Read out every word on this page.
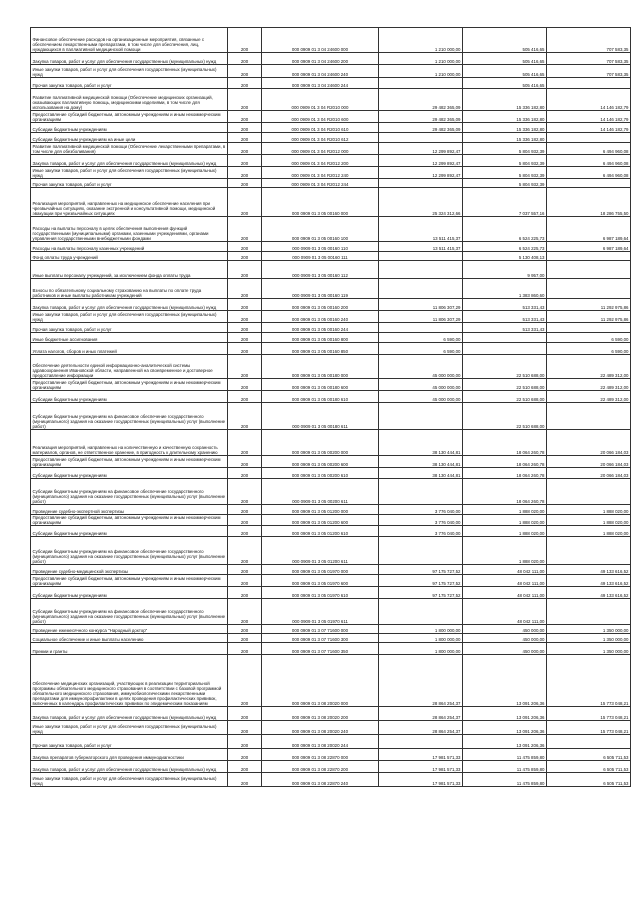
Финансовое обеспечение расходов на организационные мероприятия, связанные с обеспечением лекарственными препаратами, в том числе для обеспечения, лиц, нуждающихся в паллиативной медицинской помощи	200	000 0909 01 3 04 24600 000	1 210 000,00	505 416,65	707 583,35
Закупка товаров, работ и услуг для обеспечения государственных (муниципальных) нужд	200	000 0909 01 3 04 24600 200	1 210 000,00	505 416,65	707 583,35
Иные закупки товаров, работ и услуг для обеспечения государственных (муниципальных) нужд	200	000 0909 01 3 04 24600 240	1 210 000,00	505 416,65	707 583,35
Прочая закупка товаров, работ и услуг	200	000 0909 01 3 04 24600 244		505 416,65	
Развитие паллиативной медицинской помощи (Обеспечение медицинских организаций, оказывающих паллиативную помощь, медицинскими изделиями, в том числе для использования на дому)	200	000 0909 01 3 04 R2010 000	29 482 365,09	15 336 182,80	14 146 182,79
Предоставление субсидий бюджетным, автономным учреждениям и иным некоммерческим организациям	200	000 0909 01 3 04 R2010 600	29 482 365,09	15 336 182,80	14 146 182,79
Субсидии бюджетным учреждениям	200	000 0909 01 3 04 R2010 610	29 482 365,09	15 336 182,80	14 146 182,79
Субсидии бюджетным учреждениям на иные цели	200	000 0909 01 3 04 R2010 612		15 336 182,80	
Развитие паллиативной медицинской помощи (Обеспечение лекарственными препаратами, в том числе для обезболивания)	200	000 0909 01 3 04 R2012 000	12 299 892,47	5 804 932,39	6 494 960,08
Закупка товаров, работ и услуг для обеспечения государственных (муниципальных) нужд	200	000 0909 01 3 04 R2012 200	12 299 892,47	5 804 932,39	6 494 960,08
Иные закупки товаров, работ и услуг для обеспечения государственных (муниципальных) нужд	200	000 0909 01 3 04 R2012 240	12 299 892,47	5 804 932,39	6 494 960,08
Прочая закупка товаров, работ и услуг	200	000 0909 01 3 04 R2012 244		5 804 932,39	
Реализация мероприятий, направленных на медицинское обеспечение населения при чрезвычайных ситуациях, оказание экстренной и консультативной помощи, медицинской эвакуации при чрезвычайных ситуациях	200	000 0909 01 3 05 00160 000	25 324 312,66	7 037 557,16	18 286 755,50
Расходы на выплаты персоналу в целях обеспечения выполнения функций государственными (муниципальными) органами, казенными учреждениями, органами управления государственными внебюджетными фондами	200	000 0909 01 3 05 00160 100	13 511 415,37	6 524 225,73	6 987 189,64
Расходы на выплаты персоналу казенных учреждений	200	000 0909 01 3 05 00160 110	13 511 415,37	6 524 225,73	6 987 189,64
Фонд оплаты труда учреждений	200	000 0909 01 3 05 00160 111		5 130 408,13	
Иные выплаты персоналу учреждений, за исключением фонда оплаты труда	200	000 0909 01 3 05 00160 112		9 957,00	
Взносы по обязательному социальному страхованию на выплаты по оплате труда работников и иные выплаты работникам учреждений	200	000 0909 01 3 05 00160 119		1 383 860,60	
Закупка товаров, работ и услуг для обеспечения государственных (муниципальных) нужд	200	000 0909 01 3 05 00160 200	11 806 307,29	513 331,43	11 292 975,86
Иные закупки товаров, работ и услуг для обеспечения государственных (муниципальных) нужд	200	000 0909 01 3 05 00160 240	11 806 307,29	513 331,43	11 292 975,86
Прочая закупка товаров, работ и услуг	200	000 0909 01 3 05 00160 244		513 331,43	
Иные бюджетные ассигнования	200	000 0909 01 3 05 00160 800	6 590,00		6 590,00
Уплата налогов, сборов и иных платежей	200	000 0909 01 3 05 00160 850	6 590,00		6 590,00
Обеспечение деятельности единой информационно-аналитической системы здравоохранения Ивановской области, направленной на своевременное и достоверное предоставление информации	200	000 0909 01 3 05 00180 000	45 000 000,00	22 510 688,00	22 489 312,00
Предоставление субсидий бюджетным, автономным учреждениям и иным некоммерческим организациям	200	000 0909 01 3 05 00180 600	45 000 000,00	22 510 688,00	22 489 312,00
Субсидии бюджетным учреждениям	200	000 0909 01 3 05 00180 610	45 000 000,00	22 510 688,00	22 489 312,00
Субсидии бюджетным учреждениям на финансовое обеспечение государственного (муниципального) задания на оказание государственных (муниципальных) услуг (выполнение работ)	200	000 0909 01 3 05 00180 611		22 510 688,00	
Реализация мероприятий, направленных на количественную и качественную сохранность материалов, органов, не ответственное хранение, в пригодность к длительному хранению	200	000 0909 01 3 05 00200 000	38 130 444,81	18 064 260,78	20 066 184,03
Предоставление субсидий бюджетным, автономным учреждениям и иным некоммерческим организациям	200	000 0909 01 3 05 00200 600	38 130 444,81	18 064 260,78	20 066 184,03
Субсидии бюджетным учреждениям	200	000 0909 01 3 05 00200 610	38 130 444,81	18 064 260,78	20 066 184,03
Субсидии бюджетным учреждениям на финансовое обеспечение государственного (муниципального) задания на оказание государственных (муниципальных) услуг (выполнение работ)	200	000 0909 01 3 05 00200 611		18 064 260,78	
Проведение судебно-экспертной экспертизы	200	000 0909 01 3 05 01200 000	3 776 040,00	1 888 020,00	1 888 020,00
Предоставление субсидий бюджетным, автономным учреждениям и иным некоммерческим организациям	200	000 0909 01 3 05 01200 600	3 776 040,00	1 888 020,00	1 888 020,00
Субсидии бюджетным учреждениям	200	000 0909 01 3 05 01200 610	3 776 040,00	1 888 020,00	1 888 020,00
Субсидии бюджетным учреждениям на финансовое обеспечение государственного (муниципального) задания на оказание государственных (муниципальных) услуг (выполнение работ)	200	000 0909 01 3 05 01200 611		1 888 020,00	
Проведение судебно-медицинской экспертизы	200	000 0909 01 3 05 01970 000	97 175 727,52	48 042 111,00	49 133 616,52
Предоставление субсидий бюджетным, автономным учреждениям и иным некоммерческим организациям	200	000 0909 01 3 05 01970 600	97 175 727,52	48 042 111,00	49 133 616,52
Субсидии бюджетным учреждениям	200	000 0909 01 3 05 01970 610	97 175 727,52	48 042 111,00	49 133 616,52
Субсидии бюджетным учреждениям на финансовое обеспечение государственного (муниципального) задания на оказание государственных (муниципальных) услуг (выполнение работ)	200	000 0909 01 3 05 01970 611		48 042 111,00	
Проведение ежемесячного конкурса "Народный доктор"	200	000 0909 01 3 07 71600 000	1 800 000,00	450 000,00	1 350 000,00
Социальное обеспечение и иные выплаты населению	200	000 0909 01 3 07 71600 300	1 800 000,00	450 000,00	1 350 000,00
Премии и гранты	200	000 0909 01 3 07 71600 350	1 800 000,00	450 000,00	1 350 000,00
Обеспечение медицинских организаций, участвующих в реализации территориальной программы обязательного медицинского страхования в соответствии с базовой программой обязательного медицинского страхования, иммунобиологическими лекарственными препаратами для иммунопрофилактики в целях проведения профилактических прививок, включенных в календарь профилактических прививок по эпидемическим показаниям	200	000 0909 01 3 08 20020 000	28 864 254,37	13 091 206,36	15 773 048,21
Закупка товаров, работ и услуг для обеспечения государственных (муниципальных) нужд	200	000 0909 01 3 08 20020 200	28 864 254,37	13 091 206,36	15 773 048,21
Иные закупки товаров, работ и услуг для обеспечения государственных (муниципальных) нужд	200	000 0909 01 3 08 20020 240	28 864 254,37	13 091 206,36	15 773 048,21
Прочая закупка товаров, работ и услуг	200	000 0909 01 3 08 20020 244		13 091 206,36	
Закупка препаратов губернаторского для проведения иммунодиагностики	200	000 0909 01 3 08 22870 000	17 981 571,33	11 475 859,80	6 505 711,53
Закупка товаров, работ и услуг для обеспечения государственных (муниципальных) нужд	200	000 0909 01 3 08 22870 200	17 981 571,33	11 475 859,80	6 505 711,53
Иные закупки товаров, работ и услуг для обеспечения государственных (муниципальных) нужд	200	000 0909 01 3 08 22870 240	17 981 571,33	11 475 859,80	6 505 711,53
